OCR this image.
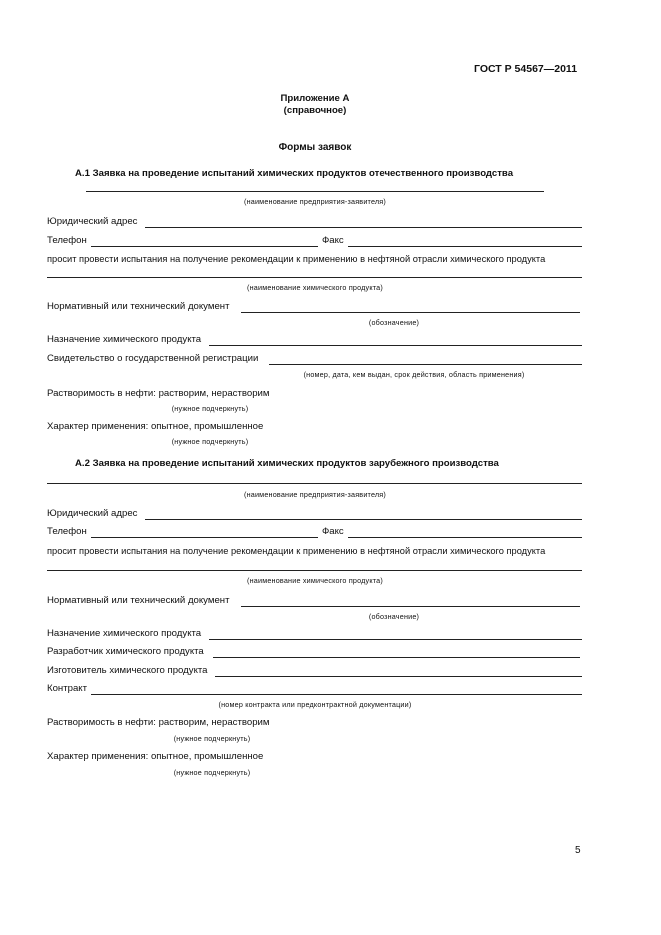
ГОСТ Р 54567—2011
Приложение А
(справочное)
Формы заявок
А.1 Заявка на проведение испытаний химических продуктов отечественного производства
(наименование предприятия-заявителя)
Юридический адрес
Телефон	Факс
просит провести испытания на получение рекомендации к применению в нефтяной отрасли химического продукта
(наименование химического продукта)
Нормативный или технический документ
(обозначение)
Назначение химического продукта
Свидетельство о государственной регистрации
(номер, дата, кем выдан, срок действия, область применения)
Растворимость в нефти: растворим, нерастворим
(нужное подчеркнуть)
Характер применения: опытное, промышленное
(нужное подчеркнуть)
А.2 Заявка на проведение испытаний химических продуктов зарубежного производства
(наименование предприятия-заявителя)
Юридический адрес
Телефон	Факс
просит провести испытания на получение рекомендации к применению в нефтяной отрасли химического продукта
(наименование химического продукта)
Нормативный или технический документ
(обозначение)
Назначение химического продукта
Разработчик химического продукта
Изготовитель химического продукта
Контракт
(номер контракта или предконтрактной документации)
Растворимость в нефти: растворим, нерастворим
(нужное подчеркнуть)
Характер применения: опытное, промышленное
(нужное подчеркнуть)
5
